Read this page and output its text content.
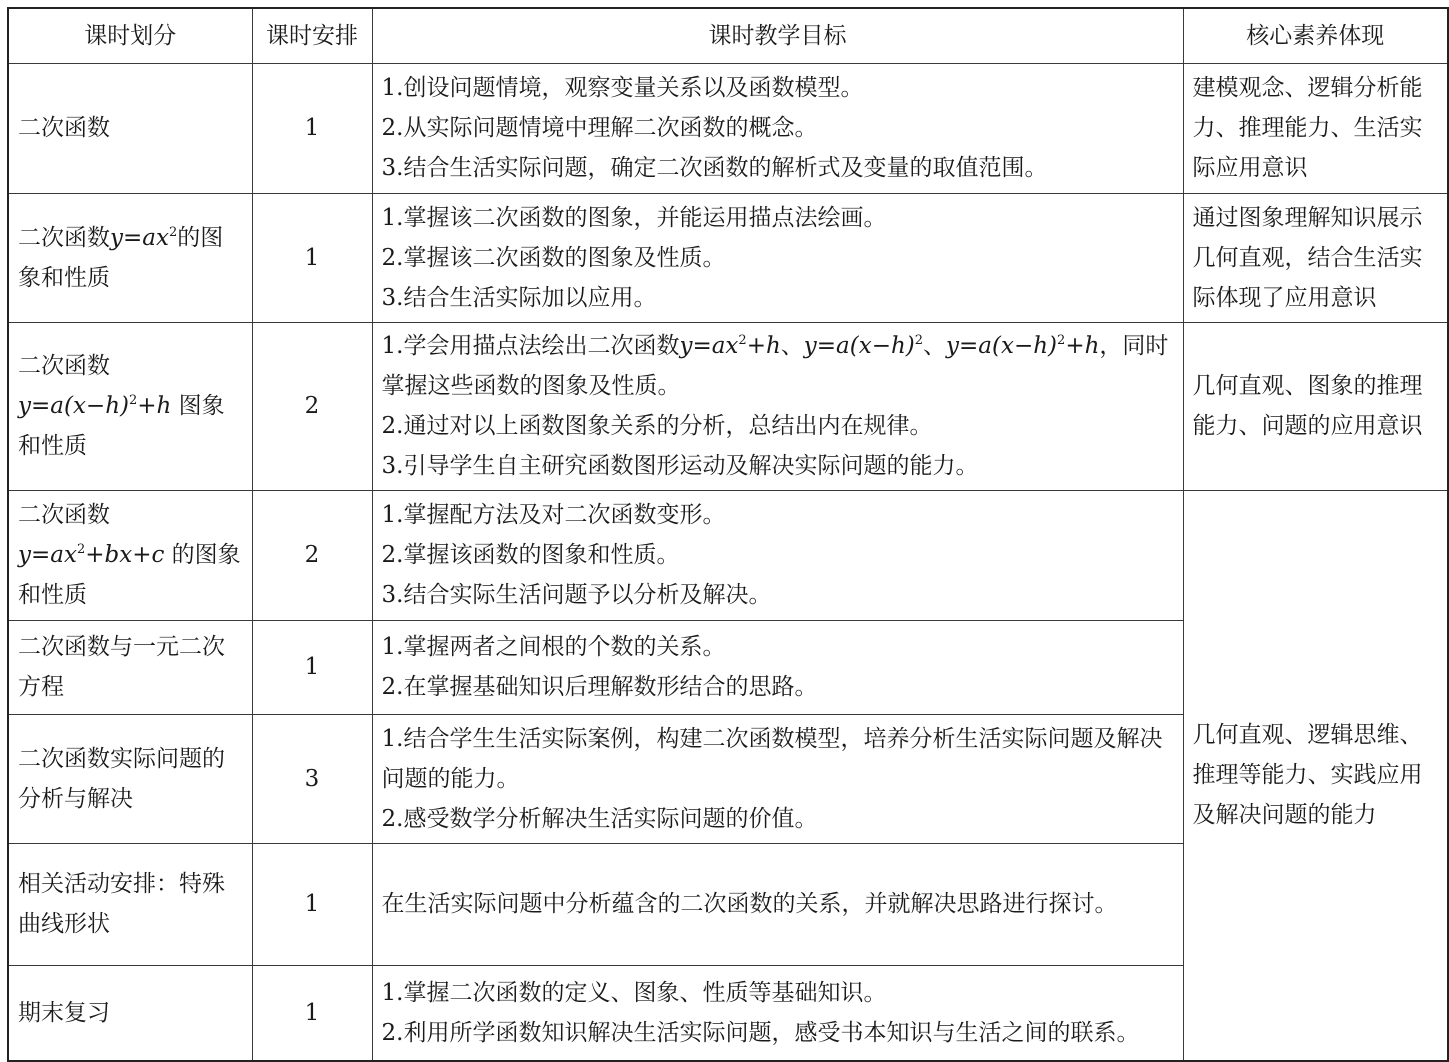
课时划分	课时安排	课时教学目标	核心素养体现
二次函数	1	1.创设问题情境，观察变量关系以及函数模型。
2.从实际问题情境中理解二次函数的概念。
3.结合生活实际问题，确定二次函数的解析式及变量的取值范围。	建模观念、逻辑分析能力、推理能力、生活实际应用意识
二次函数$y=ax^2$的图象和性质	1	1.掌握该二次函数的图象，并能运用描点法绘画。
2.掌握该二次函数的图象及性质。
3.结合生活实际加以应用。	通过图象理解知识展示几何直观，结合生活实际体现了应用意识
二次函数$y=a(x-h)^2+h$ 图象和性质	2	1.学会用描点法绘出二次函数$y=ax^2+h$、$y=a(x-h)^2$、$y=a(x-h)^2+h$，同时掌握这些函数的图象及性质。
2.通过对以上函数图象关系的分析，总结出内在规律。
3.引导学生自主研究函数图形运动及解决实际问题的能力。	几何直观、图象的推理能力、问题的应用意识
二次函数$y=ax^2+bx+c$ 的图象和性质	2	1.掌握配方法及对二次函数变形。
2.掌握该函数的图象和性质。
3.结合实际生活问题予以分析及解决。	几何直观、逻辑思维、推理等能力、实践应用及解决问题的能力
二次函数与一元二次方程	1	1.掌握两者之间根的个数的关系。
2.在掌握基础知识后理解数形结合的思路。	

二次函数实际问题的分析与解决	3	1.结合学生生活实际案例，构建二次函数模型，培养分析生活实际问题及解决问题的能力。
2.感受数学分析解决生活实际问题的价值。	

相关活动安排：特殊曲线形状	1	在生活实际问题中分析蕴含的二次函数的关系，并就解决思路进行探讨。	

期末复习	1	1.掌握二次函数的定义、图象、性质等基础知识。
2.利用所学函数知识解决生活实际问题，感受书本知识与生活之间的联系。	
